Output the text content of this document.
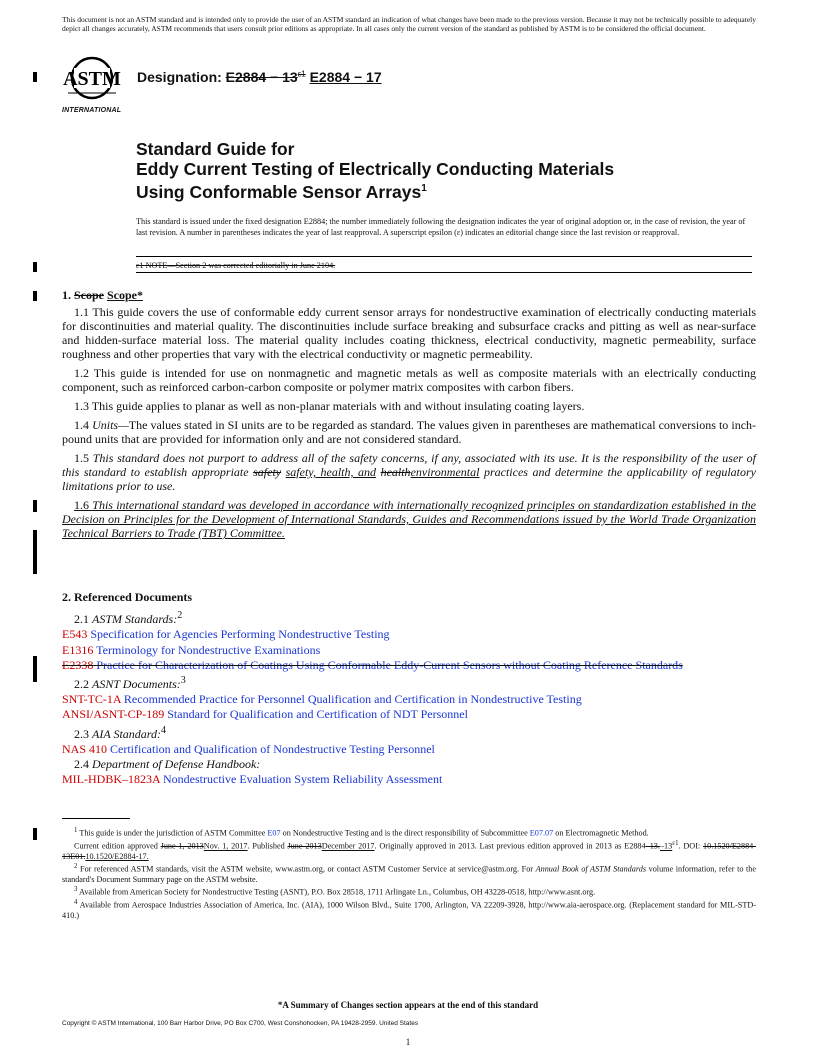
This document is not an ASTM standard and is intended only to provide the user of an ASTM standard an indication of what changes have been made to the previous version. Because it may not be technically possible to adequately depict all changes accurately, ASTM recommends that users consult prior editions as appropriate. In all cases only the current version of the standard as published by ASTM is to be considered the official document.

ASTM
INTERNATIONAL
Designation: $E2884 - 13^{\varepsilon 1}$ E2884 − 17
Standard Guide for
Eddy Current Testing of Electrically Conducting Materials
Using Conformable Sensor Arrays$^1$
This standard is issued under the fixed designation E2884; the number immediately following the designation indicates the year of original adoption or, in the case of revision, the year of last revision. A number in parentheses indicates the year of last reapproval. A superscript epsilon (ε) indicates an editorial change since the last revision or reapproval.
ε1 NOTE—Section 2 was corrected editorially in June 2104.
1. Scope Scope*

1.1 This guide covers the use of conformable eddy current sensor arrays for nondestructive examination of electrically conducting materials for discontinuities and material quality. The discontinuities include surface breaking and subsurface cracks and pitting as well as near-surface and hidden-surface material loss. The material quality includes coating thickness, electrical conductivity, magnetic permeability, surface roughness and other properties that vary with the electrical conductivity or magnetic permeability.

1.2 This guide is intended for use on nonmagnetic and magnetic metals as well as composite materials with an electrically conducting component, such as reinforced carbon-carbon composite or polymer matrix composites with carbon fibers.

1.3 This guide applies to planar as well as non-planar materials with and without insulating coating layers.

1.4 Units—The values stated in SI units are to be regarded as standard. The values given in parentheses are mathematical conversions to inch-pound units that are provided for information only and are not considered standard.

1.5 This standard does not purport to address all of the safety concerns, if any, associated with its use. It is the responsibility of the user of this standard to establish appropriate safety safety, health, and healthenvironmental practices and determine the applicability of regulatory limitations prior to use.

1.6 This international standard was developed in accordance with internationally recognized principles on standardization established in the Decision on Principles for the Development of International Standards, Guides and Recommendations issued by the World Trade Organization Technical Barriers to Trade (TBT) Committee.

2. Referenced Documents
2.1 ASTM Standards:$^2$
E543 Specification for Agencies Performing Nondestructive Testing
E1316 Terminology for Nondestructive Examinations
E2338 Practice for Characterization of Coatings Using Conformable Eddy-Current Sensors without Coating Reference Standards
2.2 ASNT Documents:$^3$
SNT-TC-1A Recommended Practice for Personnel Qualification and Certification in Nondestructive Testing
ANSI/ASNT-CP-189 Standard for Qualification and Certification of NDT Personnel
2.3 AIA Standard:$^4$
NAS 410 Certification and Qualification of Nondestructive Testing Personnel
2.4 Department of Defense Handbook:
MIL-HDBK–1823A Nondestructive Evaluation System Reliability Assessment

$^1$ This guide is under the jurisdiction of ASTM Committee E07 on Nondestructive Testing and is the direct responsibility of Subcommittee E07.07 on Electromagnetic Method.

Current edition approved June 1, 2013Nov. 1, 2017. Published June 2013December 2017. Originally approved in 2013. Last previous edition approved in 2013 as $E2884-13.-13^{\varepsilon 1}$. DOI: 10.1520/E2884-13E01.10.1520/E2884-17.

$^2$ For referenced ASTM standards, visit the ASTM website, www.astm.org, or contact ASTM Customer Service at service@astm.org. For Annual Book of ASTM Standards volume information, refer to the standard's Document Summary page on the ASTM website.

$^3$ Available from American Society for Nondestructive Testing (ASNT), P.O. Box 28518, 1711 Arlingate Ln., Columbus, OH 43228-0518, http://www.asnt.org.

$^4$ Available from Aerospace Industries Association of America, Inc. (AIA), 1000 Wilson Blvd., Suite 1700, Arlington, VA 22209-3928, http://www.aia-aerospace.org. (Replacement standard for MIL-STD-410.)

*A Summary of Changes section appears at the end of this standard
Copyright © ASTM International, 100 Barr Harbor Drive, PO Box C700, West Conshohocken, PA 19428-2959. United States
1
